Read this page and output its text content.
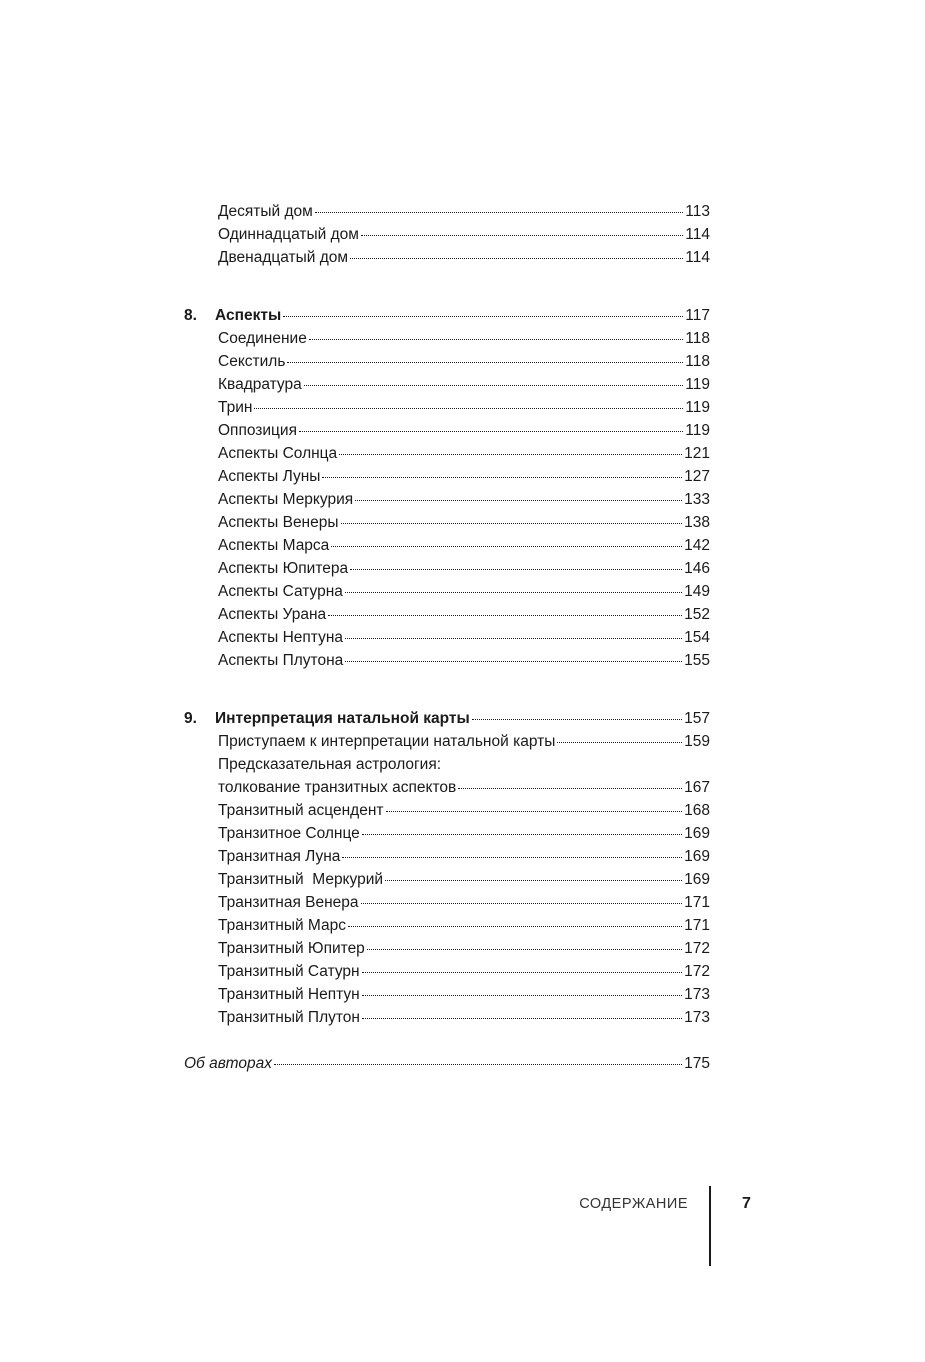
Десятый дом	113
Одиннадцатый дом	114
Двенадцатый дом	114
8.	Аспекты	117
Соединение	118
Секстиль	118
Квадратура	119
Трин	119
Оппозиция	119
Аспекты Солнца	121
Аспекты Луны	127
Аспекты Меркурия	133
Аспекты Венеры	138
Аспекты Марса	142
Аспекты Юпитера	146
Аспекты Сатурна	149
Аспекты Урана	152
Аспекты Нептуна	154
Аспекты Плутона	155
9.	Интерпретация натальной карты	157
Приступаем к интерпретации натальной карты	159
Предсказательная астрология:
толкование транзитных аспектов	167
Транзитный асцендент	168
Транзитное Солнце	169
Транзитная Луна	169
Транзитный  Меркурий	169
Транзитная Венера	171
Транзитный Марс	171
Транзитный Юпитер	172
Транзитный Сатурн	172
Транзитный Нептун	173
Транзитный Плутон	173
Об авторах	175
СОДЕРЖАНИЕ	7
